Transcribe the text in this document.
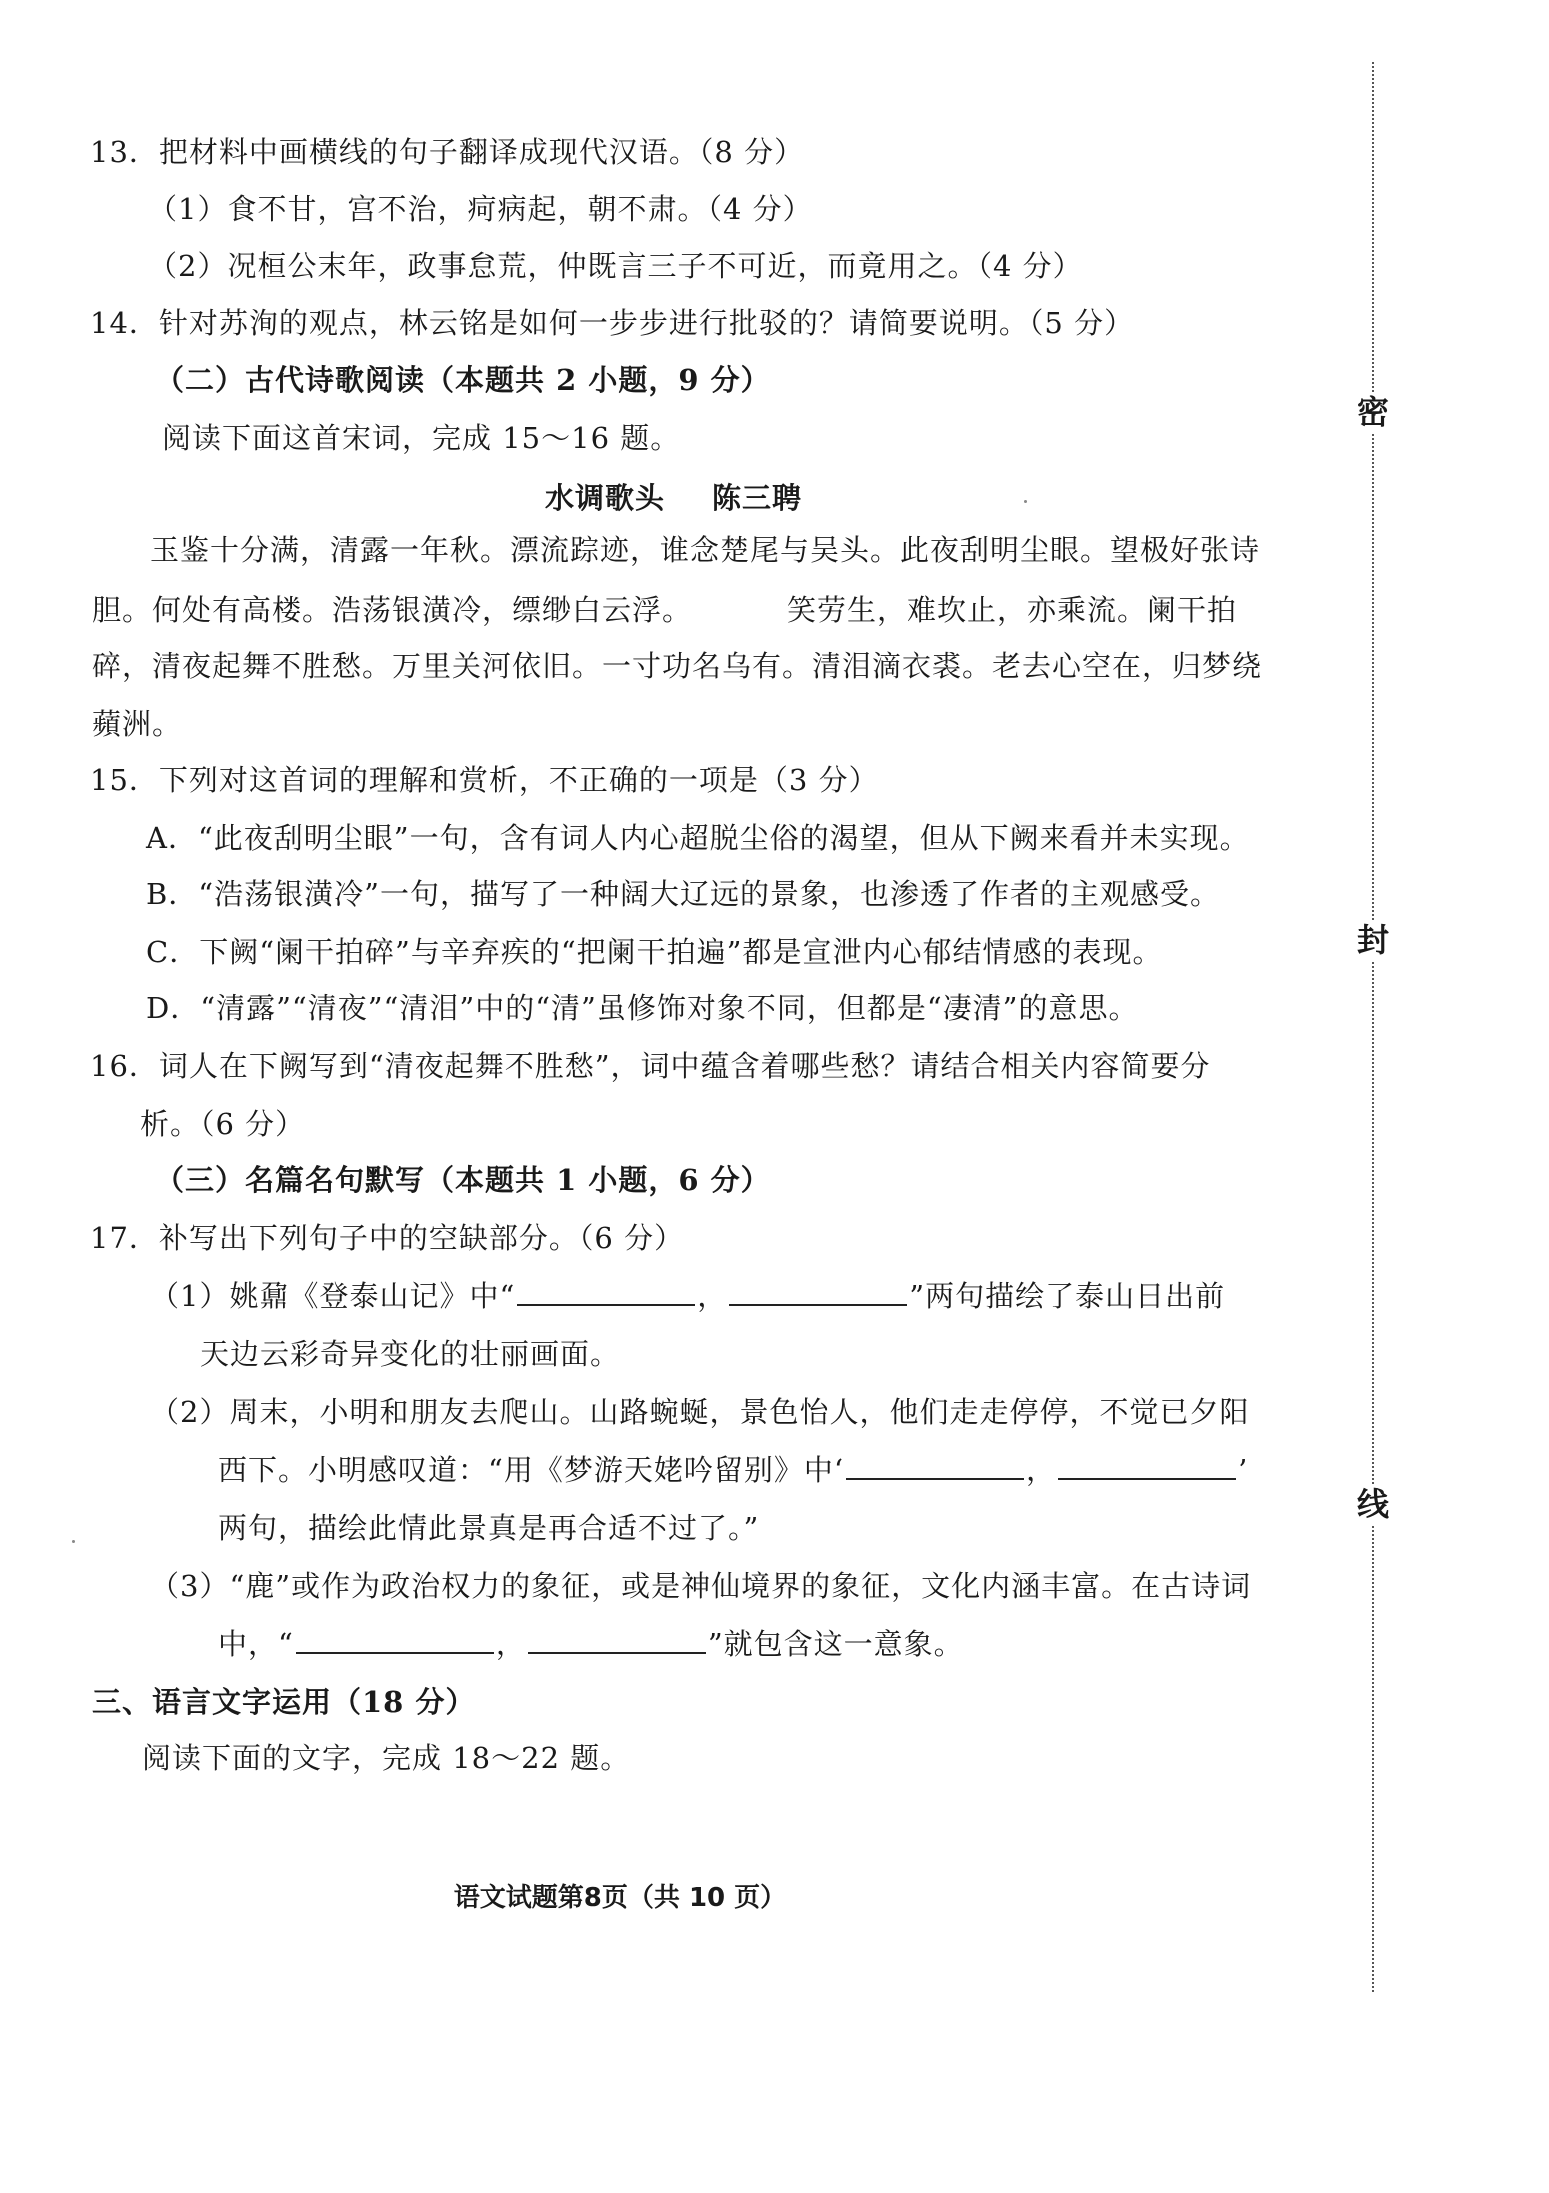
13．把材料中画横线的句子翻译成现代汉语。（8 分）
（1）食不甘，宫不治，疴病起，朝不肃。（4 分）
（2）况桓公末年，政事怠荒，仲既言三子不可近，而竟用之。（4 分）
14．针对苏洵的观点，林云铭是如何一步步进行批驳的？请简要说明。（5 分）
（二）古代诗歌阅读（本题共 2 小题，9 分）
阅读下面这首宋词，完成 15～16 题。
水调歌头 陈三聘
玉鉴十分满，清露一年秋。漂流踪迹，谁念楚尾与吴头。此夜刮明尘眼。望极好张诗
胆。何处有高楼。浩荡银潢冷，缥缈白云浮。	笑劳生，难坎止，亦乘流。阑干拍
碎，清夜起舞不胜愁。万里关河依旧。一寸功名乌有。清泪滴衣裘。老去心空在，归梦绕
蘋洲。
15．下列对这首词的理解和赏析，不正确的一项是（3 分）
A．“此夜刮明尘眼”一句，含有词人内心超脱尘俗的渴望，但从下阙来看并未实现。
B．“浩荡银潢冷”一句，描写了一种阔大辽远的景象，也渗透了作者的主观感受。
C．下阙“阑干拍碎”与辛弃疾的“把阑干拍遍”都是宣泄内心郁结情感的表现。
D．“清露”“清夜”“清泪”中的“清”虽修饰对象不同，但都是“凄清”的意思。
16．词人在下阙写到“清夜起舞不胜愁”，词中蕴含着哪些愁？请结合相关内容简要分
析。（6 分）
（三）名篇名句默写（本题共 1 小题，6 分）
17．补写出下列句子中的空缺部分。（6 分）
（1）姚鼐《登泰山记》中“	，	”两句描绘了泰山日出前
天边云彩奇异变化的壮丽画面。
（2）周末，小明和朋友去爬山。山路蜿蜒，景色怡人，他们走走停停，不觉已夕阳
西下。小明感叹道：“用《梦游天姥吟留别》中‘	，	’
两句，描绘此情此景真是再合适不过了。”
（3）“鹿”或作为政治权力的象征，或是神仙境界的象征，文化内涵丰富。在古诗词
中，“	，	”就包含这一意象。
三、语言文字运用（18 分）
阅读下面的文字，完成 18～22 题。
语文试题第8页（共 10 页）
密
封
线
